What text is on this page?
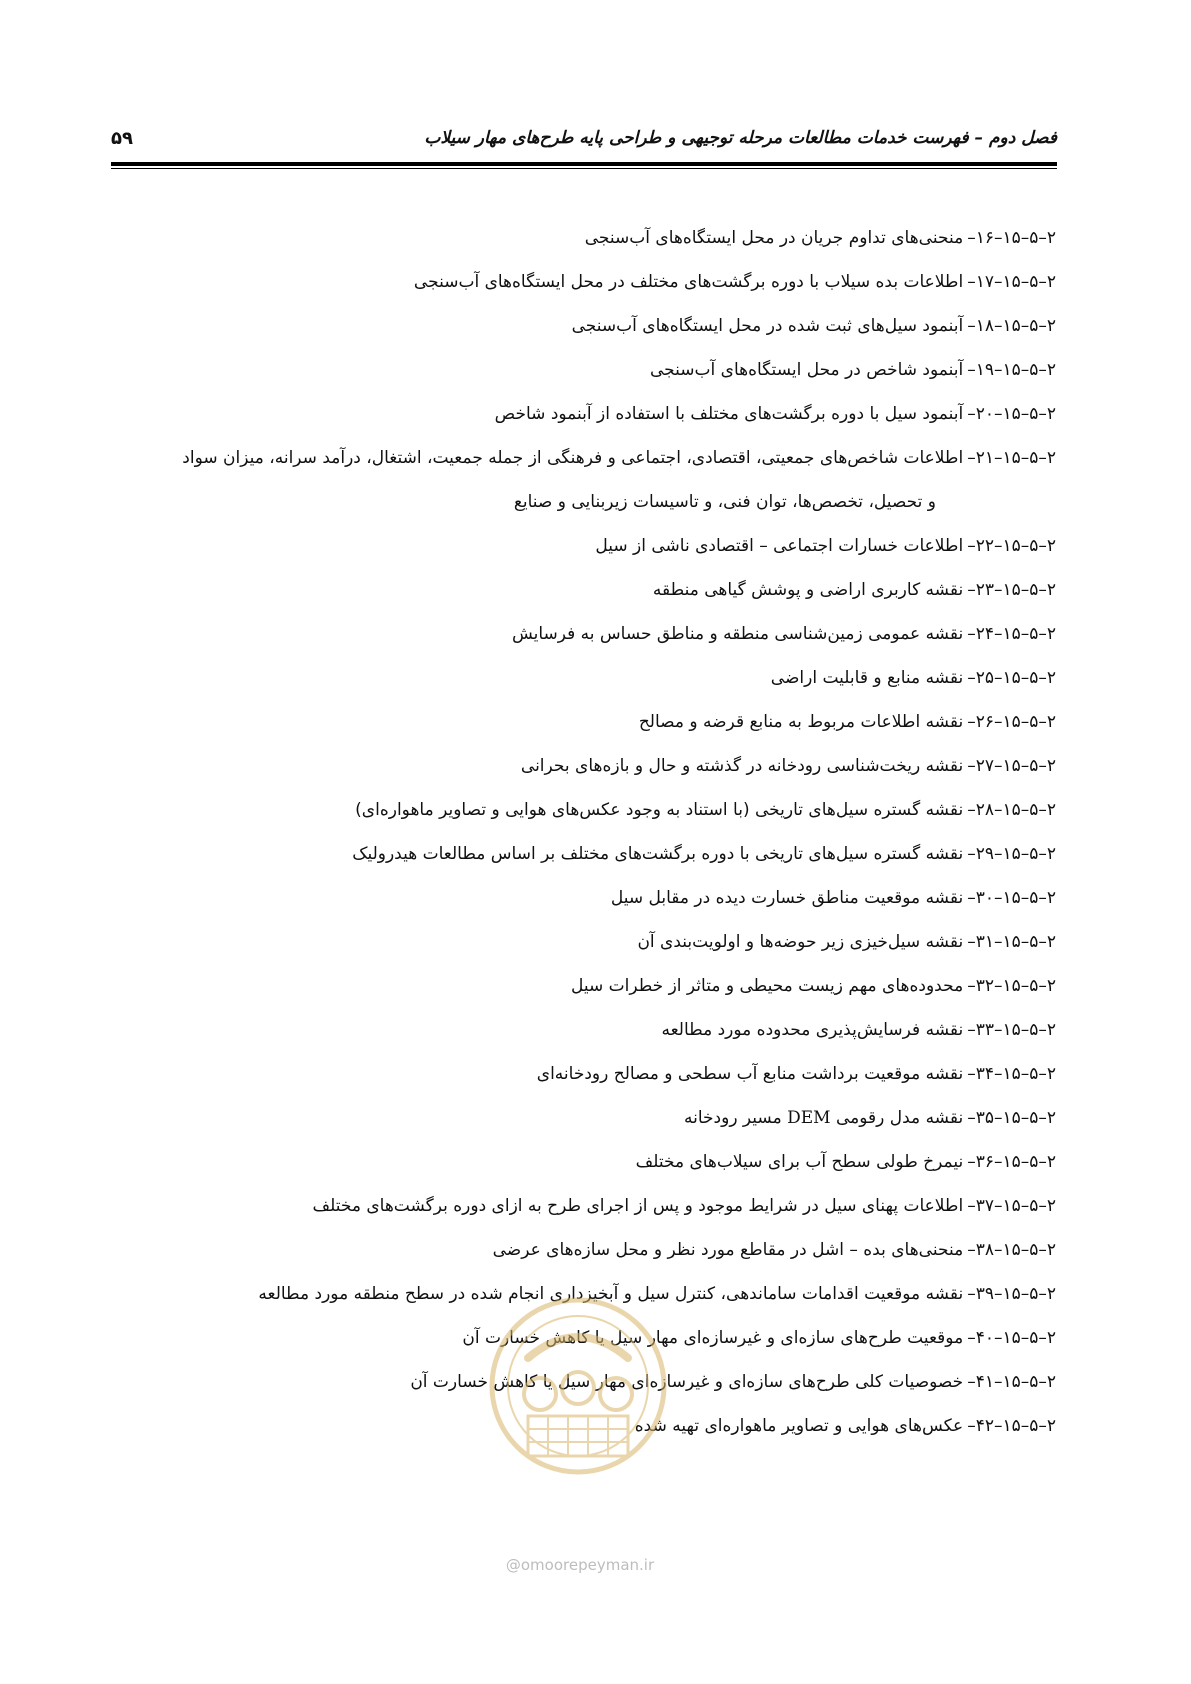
فصل دوم – فهرست خدمات مطالعات مرحله توجیهی و طراحی پایه طرح‌های مهار سیلاب
۵۹
۲–۵–۱۵–۱۶–منحنی‌های تداوم جریان در محل ایستگاه‌های آب‌سنجی
۲–۵–۱۵–۱۷–اطلاعات بده سیلاب با دوره برگشت‌های مختلف در محل ایستگاه‌های آب‌سنجی
۲–۵–۱۵–۱۸–آبنمود سیل‌های ثبت شده در محل ایستگاه‌های آب‌سنجی
۲–۵–۱۵–۱۹–آبنمود شاخص در محل ایستگاه‌های آب‌سنجی
۲–۵–۱۵–۲۰–آبنمود سیل با دوره برگشت‌های مختلف با استفاده از آبنمود شاخص
۲–۵–۱۵–۲۱–اطلاعات شاخص‌های جمعیتی، اقتصادی، اجتماعی و فرهنگی از جمله جمعیت، اشتغال، درآمد سرانه، میزان سواد
و تحصیل، تخصص‌ها، توان فنی، و تاسیسات زیربنایی و صنایع
۲–۵–۱۵–۲۲–اطلاعات خسارات اجتماعی – اقتصادی ناشی از سیل
۲–۵–۱۵–۲۳–نقشه کاربری اراضی و پوشش گیاهی منطقه
۲–۵–۱۵–۲۴–نقشه عمومی زمین‌شناسی منطقه و مناطق حساس به فرسایش
۲–۵–۱۵–۲۵–نقشه منابع و قابلیت اراضی
۲–۵–۱۵–۲۶–نقشه اطلاعات مربوط به منابع قرضه و مصالح
۲–۵–۱۵–۲۷–نقشه ریخت‌شناسی رودخانه در گذشته و حال و بازه‌های بحرانی
۲–۵–۱۵–۲۸–نقشه گستره سیل‌های تاریخی (با استناد به وجود عکس‌های هوایی و تصاویر ماهواره‌ای)
۲–۵–۱۵–۲۹–نقشه گستره سیل‌های تاریخی با دوره برگشت‌های مختلف بر اساس مطالعات هیدرولیک
۲–۵–۱۵–۳۰–نقشه موقعیت مناطق خسارت دیده در مقابل سیل
۲–۵–۱۵–۳۱–نقشه سیل‌خیزی زیر حوضه‌ها و اولویت‌بندی آن
۲–۵–۱۵–۳۲–محدوده‌های مهم زیست محیطی و متاثر از خطرات سیل
۲–۵–۱۵–۳۳–نقشه فرسایش‌پذیری محدوده مورد مطالعه
۲–۵–۱۵–۳۴–نقشه موقعیت برداشت منابع آب سطحی و مصالح رودخانه‌ای
۲–۵–۱۵–۳۵–نقشه مدل رقومی DEM مسیر رودخانه
۲–۵–۱۵–۳۶–نیمرخ طولی سطح آب برای سیلاب‌های مختلف
۲–۵–۱۵–۳۷–اطلاعات پهنای سیل در شرایط موجود و پس از اجرای طرح به ازای دوره برگشت‌های مختلف
۲–۵–۱۵–۳۸–منحنی‌های بده – اشل در مقاطع مورد نظر و محل سازه‌های عرضی
۲–۵–۱۵–۳۹–نقشه موقعیت اقدامات ساماندهی، کنترل سیل و آبخیزداری انجام شده در سطح منطقه مورد مطالعه
۲–۵–۱۵–۴۰–موقعیت طرح‌های سازه‌ای و غیرسازه‌ای مهار سیل یا کاهش خسارت آن
۲–۵–۱۵–۴۱–خصوصیات کلی طرح‌های سازه‌ای و غیرسازه‌ای مهار سیل یا کاهش خسارت آن
۲–۵–۱۵–۴۲–عکس‌های هوایی و تصاویر ماهواره‌ای تهیه شده
@omoorepeyman.ir
